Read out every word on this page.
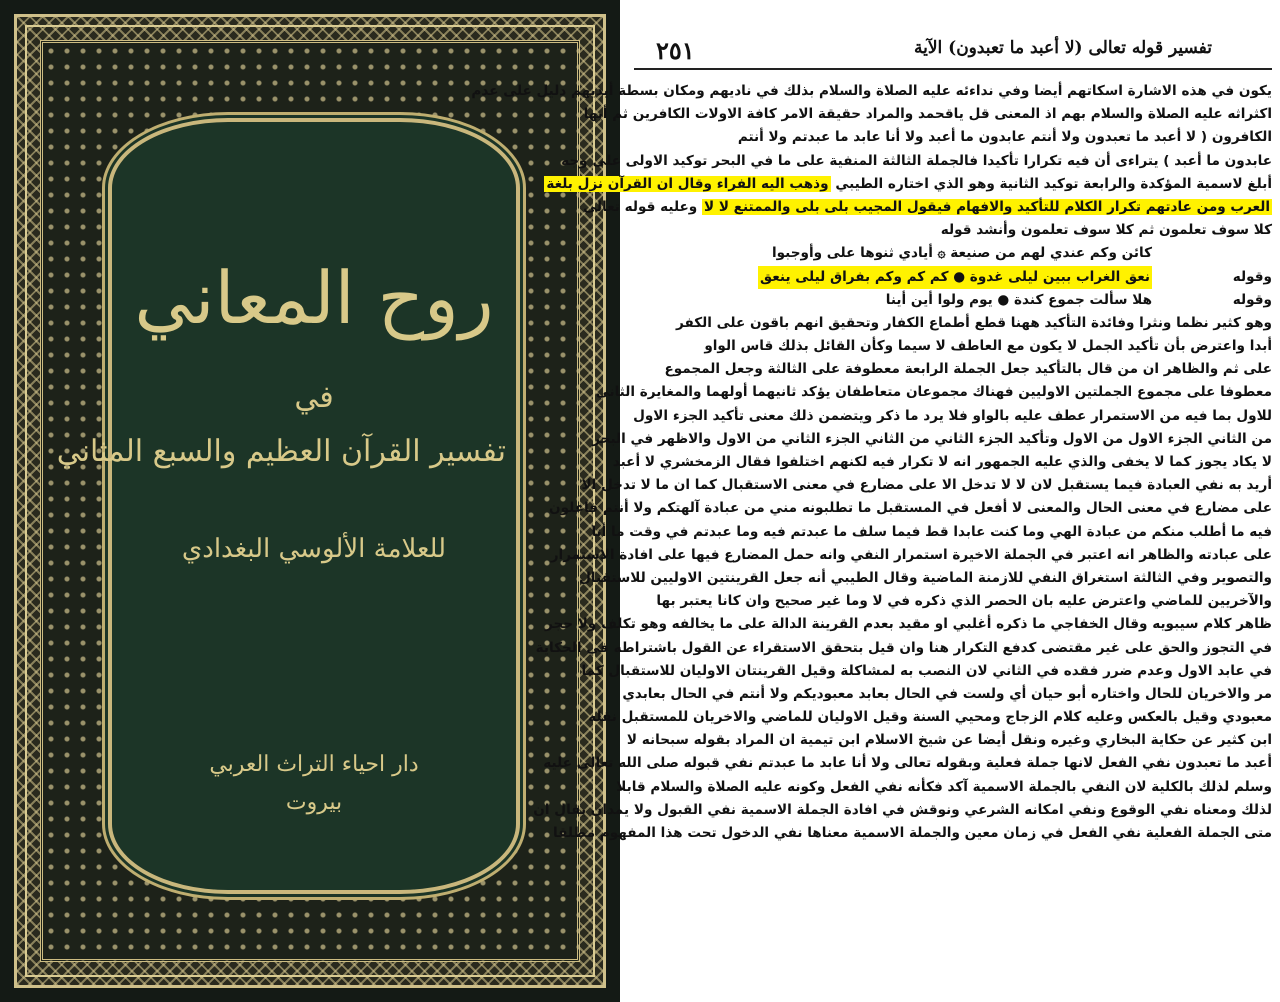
روح المعاني
في
تفسير القرآن العظيم والسبع المثاني
للعلامة الألوسي البغدادي
دار احياء التراث العربي
بيروت
٢٥١	تفسير قوله تعالى (لا أعبد ما تعبدون) الآية
يكون في هذه الاشارة اسكاتهم أيضا وفي نداءئه عليه الصلاة والسلام بذلك في ناديهم ومكان بسطة أيديهم دليل على عدم
اكثراثه عليه الصلاة والسلام بهم اذ المعنى قل ياقحمد والمراد حقيقة الامر كافة الاولات الكافرين ثم أيها
الكافرون ( لا أعبد ما تعبدون ولا أنتم عابدون ما أعبد ولا أنا عابد ما عبدتم ولا أنتم
عابدون ما أعبد ) يتراءى أن فيه تكرارا تأكيدا فالجملة الثالثة المنفية على ما في البحر توكيد الاولى على وجه
أبلغ لاسمية المؤكدة والرابعة توكيد الثانية وهو الذي اختاره الطيبي وذهب اليه الفراء وقال ان القرآن نزل بلغة
العرب ومن عادتهم تكرار الكلام للتأكيد والافهام فيقول المجيب بلى بلى والممتنع لا لا وعليه قوله تعالى
كلا سوف تعلمون ثم كلا سوف تعلمون وأنشد قوله
كائن وكم عندي لهم من صنيعة ۞ أيادي ثنوها على وأوجبوا
وقوله
نعق الغراب ببين ليلى غدوة ● كم كم وكم بفراق ليلى ينعق
وقوله
هلا سألت جموع كندة ● يوم ولوا أين أينا
وهو كثير نظما ونثرا وفائدة التأكيد ههنا قطع أطماع الكفار وتحقيق انهم باقون على الكفر
أبدا واعترض بأن تأكيد الجمل لا يكون مع العاطف لا سيما وكأن القائل بذلك قاس الواو
على ثم والظاهر ان من قال بالتأكيد جعل الجملة الرابعة معطوفة على الثالثة وجعل المجموع
معطوفا على مجموع الجملتين الاوليين فهناك مجموعان متعاطفان يؤكد ثانيهما أولهما والمغايرة الثاني
للاول بما فيه من الاستمرار عطف عليه بالواو فلا يرد ما ذكر ويتضمن ذلك معنى تأكيد الجزء الاول
من الثاني الجزء الاول من الاول وتأكيد الجزء الثاني من الثاني الجزء الثاني من الاول والاظهر في البحر
لا يكاد يجوز كما لا يخفى والذي عليه الجمهور انه لا تكرار فيه لكنهم اختلفوا فقال الزمخشري لا أعبد
أريد به نفي العبادة فيما يستقبل لان لا لا تدخل الا على مضارع في معنى الاستقبال كما ان ما لا تدخل الا
على مضارع في معنى الحال والمعنى لا أفعل في المستقبل ما تطلبونه مني من عبادة آلهتكم ولا أنتم فاعلون
فيه ما أطلب منكم من عبادة الهي وما كنت عابدا قط فيما سلف ما عبدتم فيه وما عبدتم في وقت ما أنا
على عبادته والظاهر انه اعتبر في الجملة الاخيرة استمرار النفي وانه حمل المضارع فيها على افادة الاستمرار
والتصوير وفي الثالثة استغراق النفي للازمنة الماضية وقال الطيبي أنه جعل القرينتين الاوليين للاستقبال
والآخريين للماضي واعترض عليه بان الحصر الذي ذكره في لا وما غير صحيح وان كانا يعتبر بها
ظاهر كلام سيبويه وقال الخفاجي ما ذكره أغلبي او مقيد بعدم القرينة الدالة على ما يخالفه وهو تكلف ولا حجر
في التجوز والحق على غير مقتضى كدفع التكرار هنا وان قيل بتحقق الاستقراء عن القول باشتراطه في الحكاية
في عابد الاول وعدم ضرر فقده في الثاني لان النصب به لمشاكلة وقيل القرينتان الاوليان للاستقبال كما
مر والاخريان للحال واختاره أبو حيان أي ولست في الحال بعابد معبوديكم ولا أنتم في الحال بعابدي
معبودي وقيل بالعكس وعليه كلام الزجاج ومحيي السنة وقيل الاوليان للماضي والاخريان للمستقبل نقله
ابن كثير عن حكاية البخاري وغيره ونقل أيضا عن شيخ الاسلام ابن تيمية ان المراد بقوله سبحانه لا
أعبد ما تعبدون نفي الفعل لانها جملة فعلية وبقوله تعالى ولا أنا عابد ما عبدتم نفي قبوله صلى الله تعالى عليه
وسلم لذلك بالكلية لان النفي بالجملة الاسمية آكد فكأنه نفي الفعل وكونه عليه الصلاة والسلام قابلا
لذلك ومعناه نفي الوقوع ونفي امكانه الشرعي ونوقش في افادة الجملة الاسمية نفي القبول ولا يمدان يقال ان
متى الجملة الفعلية نفي الفعل في زمان معين والجملة الاسمية معناها نفي الدخول تحت هذا المفهوم مطلقا
